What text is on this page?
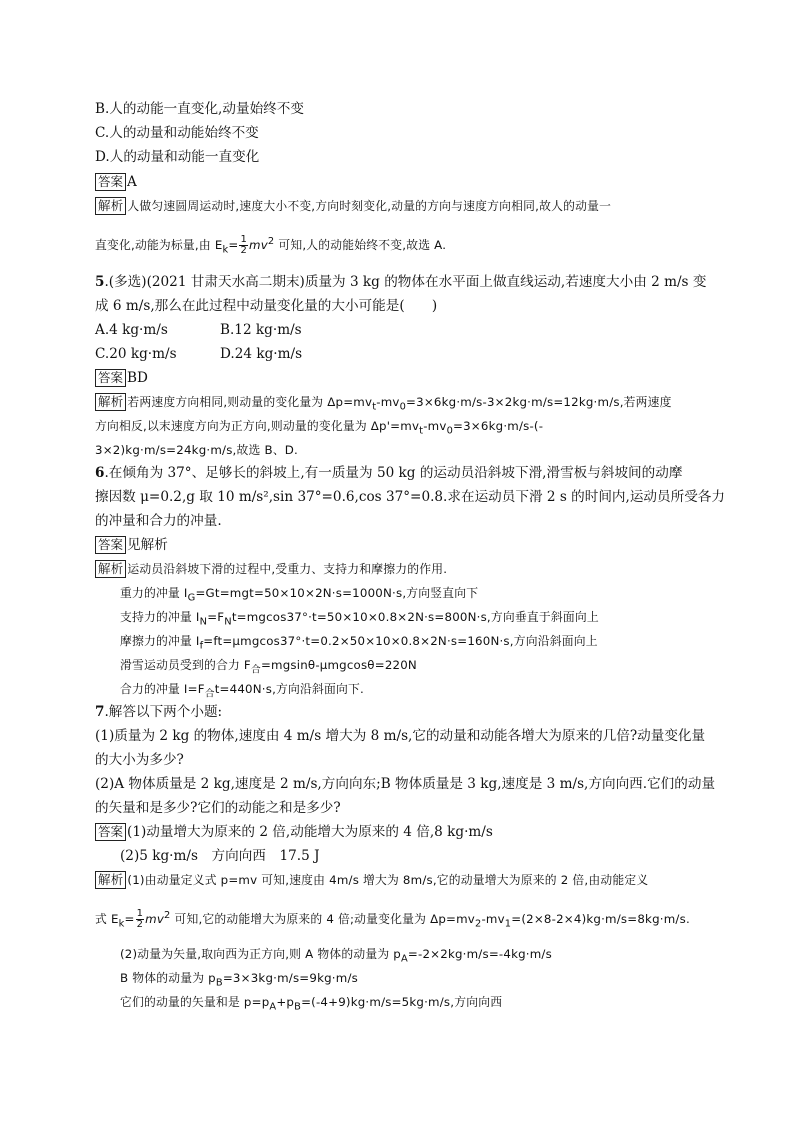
B.人的动能一直变化,动量始终不变
C.人的动量和动能始终不变
D.人的动量和动能一直变化
答案 A
解析 人做匀速圆周运动时,速度大小不变,方向时刻变化,动量的方向与速度方向相同,故人的动量一
直变化,动能为标量,由 $E_k= \frac{1}{2} mv^2$ 可知,人的动能始终不变,故选 A.
5.(多选)(2021 甘肃天水高二期末)质量为 3 kg 的物体在水平面上做直线运动,若速度大小由 2 m/s 变
成 6 m/s,那么在此过程中动量变化量的大小可能是(　　)
A.4 kg·m/s	B.12 kg·m/s
C.20 kg·m/s	D.24 kg·m/s
答案 BD
解析 若两速度方向相同,则动量的变化量为 $\Delta p=mv_t-mv_0=3\times 6kg\cdot m/s-3\times 2kg\cdot m/s=12kg\cdot m/s$,若两速度
方向相反,以末速度方向为正方向,则动量的变化量为 $\Delta p'=mv_t-mv_0=3\times 6kg\cdot m/s-(-$
3×2)kg·m/s=24kg·m/s,故选 B、D.
6.在倾角为 37°、足够长的斜坡上,有一质量为 50 kg 的运动员沿斜坡下滑,滑雪板与斜坡间的动摩
擦因数 μ=0.2,g 取 10 m/s²,sin 37°=0.6,cos 37°=0.8.求在运动员下滑 2 s 的时间内,运动员所受各力
的冲量和合力的冲量.
答案 见解析
解析 运动员沿斜坡下滑的过程中,受重力、支持力和摩擦力的作用.
重力的冲量 $I_G=Gt=mgt=50\times 10\times 2N\cdot s=1000N\cdot s$,方向竖直向下
支持力的冲量 $I_N=F_Nt=mgcos37^\circ\cdot t=50\times 10\times 0.8\times 2N\cdot s=800N\cdot s$,方向垂直于斜面向上
摩擦力的冲量 $I_f=ft=\mu mgcos37^\circ\cdot t=0.2\times 50\times 10\times 0.8\times 2N\cdot s=160N\cdot s$,方向沿斜面向上
滑雪运动员受到的合力 $F_合=mgsin\theta-\mu mgcos\theta=220N$
合力的冲量 $I=F_合t=440N\cdot s$,方向沿斜面向下.
7.解答以下两个小题:
(1)质量为 2 kg 的物体,速度由 4 m/s 增大为 8 m/s,它的动量和动能各增大为原来的几倍?动量变化量
的大小为多少?
(2)A 物体质量是 2 kg,速度是 2 m/s,方向向东;B 物体质量是 3 kg,速度是 3 m/s,方向向西.它们的动量
的矢量和是多少?它们的动能之和是多少?
答案 (1)动量增大为原来的 2 倍,动能增大为原来的 4 倍,8 kg·m/s
(2)5 kg·m/s　方向向西　17.5 J
解析 (1)由动量定义式 p=mv 可知,速度由 4m/s 增大为 8m/s,它的动量增大为原来的 2 倍,由动能定义
式 $E_k= \frac{1}{2} mv^2$ 可知,它的动能增大为原来的 4 倍;动量变化量为 $\Delta p=mv_2-mv_1=(2\times 8-2\times 4)kg\cdot m/s=8kg\cdot m/s$.
(2)动量为矢量,取向西为正方向,则 A 物体的动量为 $p_A=-2\times 2kg\cdot m/s=-4kg\cdot m/s$
B 物体的动量为 $p_B=3\times 3kg\cdot m/s=9kg\cdot m/s$
它们的动量的矢量和是 $p=p_A+p_B=(-4+9)kg\cdot m/s=5kg\cdot m/s$,方向向西
